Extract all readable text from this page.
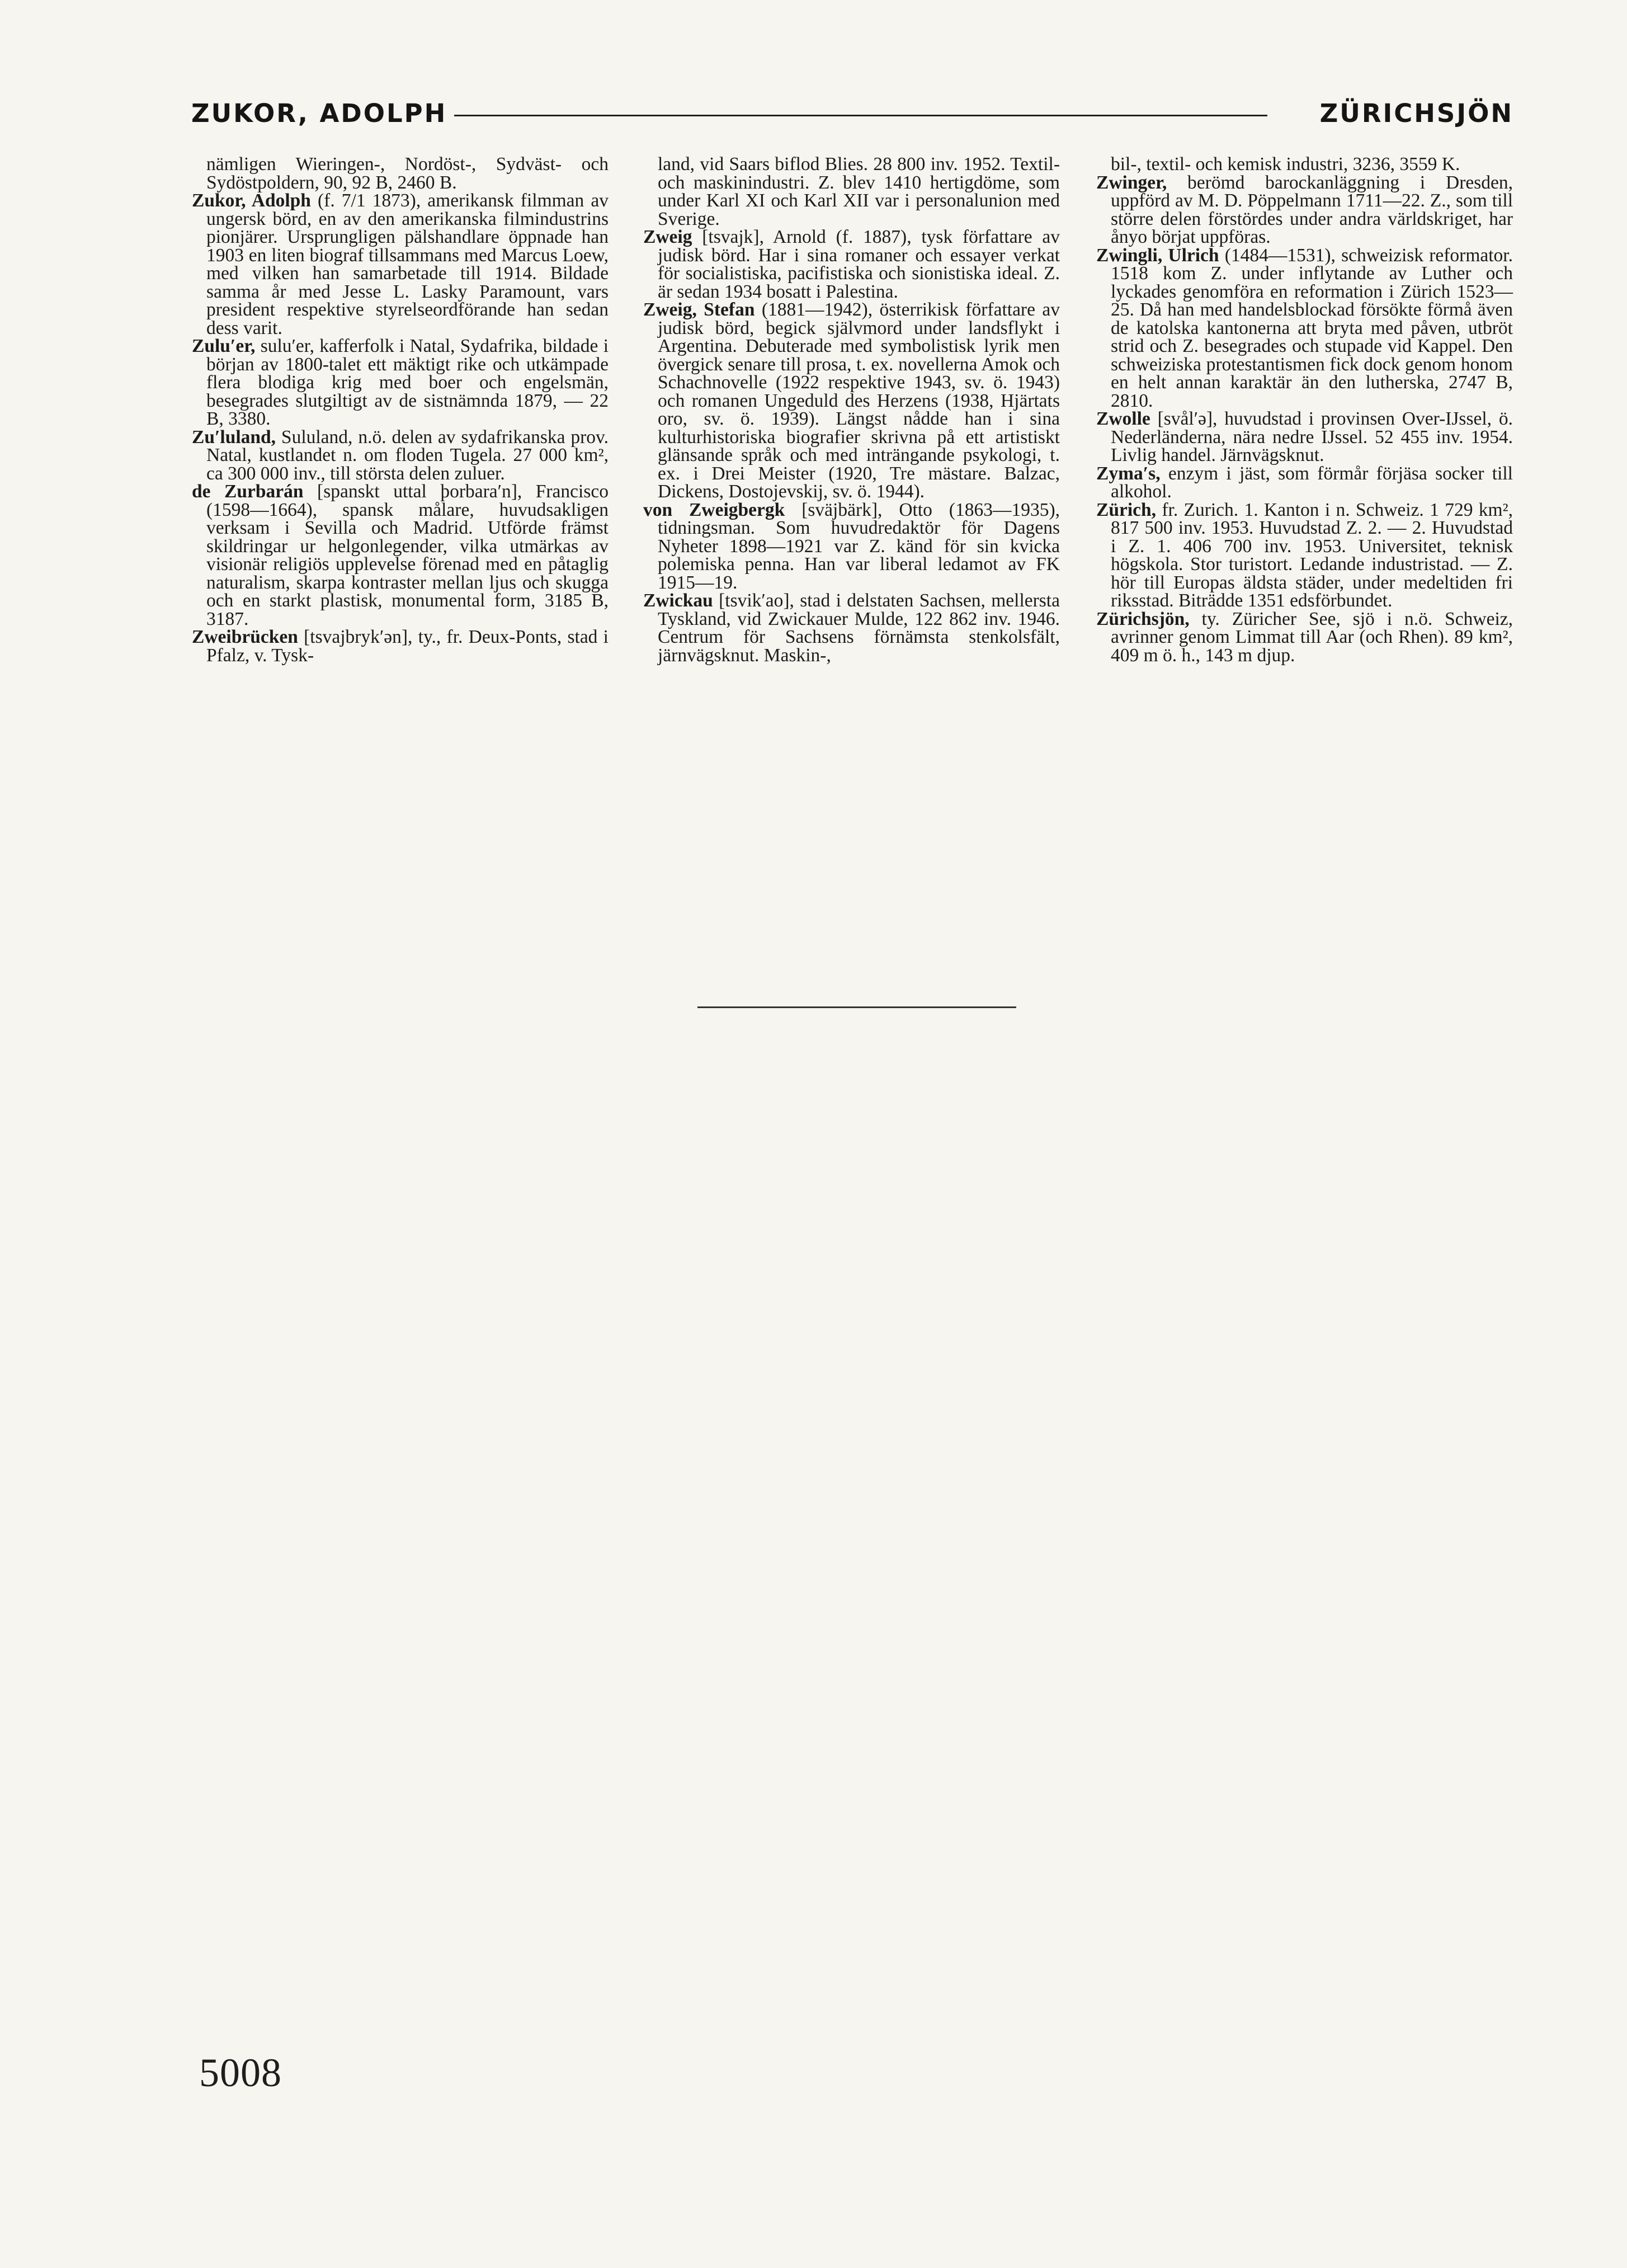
ZUKOR, ADOLPH	ZÜRICHSJÖN

nämligen Wieringen-, Nordöst-, Sydväst- och Sydöstpoldern, 90, 92 B, 2460 B.

Zukor, Adolph (f. 7/1 1873), amerikansk filmman av ungersk börd, en av den amerikanska filmindustrins pionjärer. Ursprungligen pälshandlare öppnade han 1903 en liten biograf tillsammans med Marcus Loew, med vilken han samarbetade till 1914. Bildade samma år med Jesse L. Lasky Paramount, vars president respektive styrelseordförande han sedan dess varit.

Zulu′er, sulu′er, kafferfolk i Natal, Sydafrika, bildade i början av 1800-talet ett mäktigt rike och utkämpade flera blodiga krig med boer och engelsmän, besegrades slutgiltigt av de sistnämnda 1879, — 22 B, 3380.

Zu′luland, Sululand, n.ö. delen av sydafrikanska prov. Natal, kustlandet n. om floden Tugela. 27 000 km², ca 300 000 inv., till största delen zuluer.

de Zurbarán [spanskt uttal þorbara′n], Francisco (1598—1664), spansk målare, huvudsakligen verksam i Sevilla och Madrid. Utförde främst skildringar ur helgonlegender, vilka utmärkas av visionär religiös upplevelse förenad med en påtaglig naturalism, skarpa kontraster mellan ljus och skugga och en starkt plastisk, monumental form, 3185 B, 3187.

Zweibrücken [tsvajbryk′ən], ty., fr. Deux-Ponts, stad i Pfalz, v. Tysk-

land, vid Saars biflod Blies. 28 800 inv. 1952. Textil- och maskinindustri. Z. blev 1410 hertigdöme, som under Karl XI och Karl XII var i personalunion med Sverige.

Zweig [tsvajk], Arnold (f. 1887), tysk författare av judisk börd. Har i sina romaner och essayer verkat för socialistiska, pacifistiska och sionistiska ideal. Z. är sedan 1934 bosatt i Palestina.

Zweig, Stefan (1881—1942), österrikisk författare av judisk börd, begick självmord under landsflykt i Argentina. Debuterade med symbolistisk lyrik men övergick senare till prosa, t. ex. novellerna Amok och Schachnovelle (1922 respektive 1943, sv. ö. 1943) och romanen Ungeduld des Herzens (1938, Hjärtats oro, sv. ö. 1939). Längst nådde han i sina kulturhistoriska biografier skrivna på ett artistiskt glänsande språk och med inträngande psykologi, t. ex. i Drei Meister (1920, Tre mästare. Balzac, Dickens, Dostojevskij, sv. ö. 1944).

von Zweigbergk [sväjbärk], Otto (1863—1935), tidningsman. Som huvudredaktör för Dagens Nyheter 1898—1921 var Z. känd för sin kvicka polemiska penna. Han var liberal ledamot av FK 1915—19.

Zwickau [tsvik′ao], stad i delstaten Sachsen, mellersta Tyskland, vid Zwickauer Mulde, 122 862 inv. 1946. Centrum för Sachsens förnämsta stenkolsfält, järnvägsknut. Maskin-,

bil-, textil- och kemisk industri, 3236, 3559 K.

Zwinger, berömd barockanläggning i Dresden, uppförd av M. D. Pöppelmann 1711—22. Z., som till större delen förstördes under andra världskriget, har ånyo börjat uppföras.

Zwingli, Ulrich (1484—1531), schweizisk reformator. 1518 kom Z. under inflytande av Luther och lyckades genomföra en reformation i Zürich 1523—25. Då han med handelsblockad försökte förmå även de katolska kantonerna att bryta med påven, utbröt strid och Z. besegrades och stupade vid Kappel. Den schweiziska protestantismen fick dock genom honom en helt annan karaktär än den lutherska, 2747 B, 2810.

Zwolle [svål′ə], huvudstad i provinsen Over-IJssel, ö. Nederländerna, nära nedre IJssel. 52 455 inv. 1954. Livlig handel. Järnvägsknut.

Zyma′s, enzym i jäst, som förmår förjäsa socker till alkohol.

Zürich, fr. Zurich. 1. Kanton i n. Schweiz. 1 729 km², 817 500 inv. 1953. Huvudstad Z. 2. — 2. Huvudstad i Z. 1. 406 700 inv. 1953. Universitet, teknisk högskola. Stor turistort. Ledande industristad. — Z. hör till Europas äldsta städer, under medeltiden fri riksstad. Biträdde 1351 edsförbundet.

Zürichsjön, ty. Züricher See, sjö i n.ö. Schweiz, avrinner genom Limmat till Aar (och Rhen). 89 km², 409 m ö. h., 143 m djup.

5008
